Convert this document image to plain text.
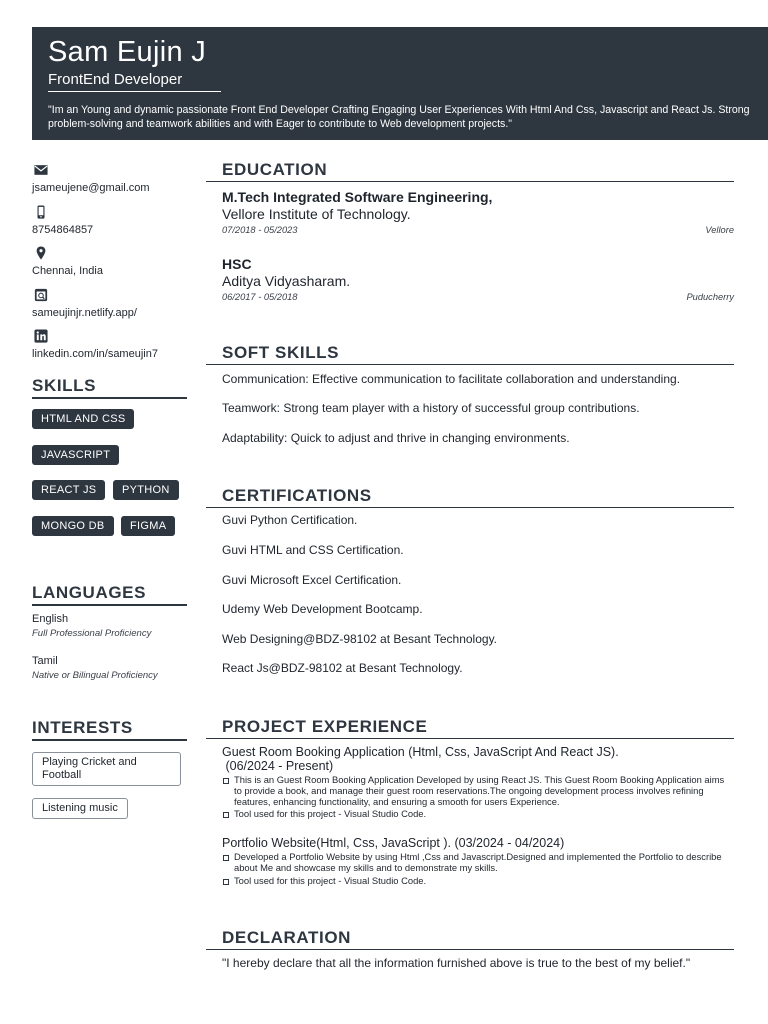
Sam Eujin J
FrontEnd Developer
"Im an Young and dynamic passionate Front End Developer Crafting Engaging User Experiences With Html And Css, Javascript and React Js. Strong problem-solving and teamwork abilities and with Eager to contribute to Web development projects."
jsameujene@gmail.com
8754864857
Chennai, India
sameujinjr.netlify.app/
linkedin.com/in/sameujin7
SKILLS
HTML AND CSS
JAVASCRIPT
REACT JS	PYTHON
MONGO DB	FIGMA
LANGUAGES
English
Full Professional Proficiency
Tamil
Native or Bilingual Proficiency
INTERESTS
Playing Cricket and Football
Listening music
EDUCATION
M.Tech Integrated Software Engineering,
Vellore Institute of Technology.
07/2018 - 05/2023	Vellore
HSC
Aditya Vidyasharam.
06/2017 - 05/2018	Puducherry
SOFT SKILLS
Communication: Effective communication to facilitate collaboration and understanding.
Teamwork: Strong team player with a history of successful group contributions.
Adaptability: Quick to adjust and thrive in changing environments.
CERTIFICATIONS
Guvi Python Certification.
Guvi HTML and CSS Certification.
Guvi Microsoft Excel Certification.
Udemy Web Development Bootcamp.
Web Designing@BDZ-98102 at Besant Technology.
React Js@BDZ-98102 at Besant Technology.
PROJECT EXPERIENCE
Guest Room Booking Application (Html, Css, JavaScript And React JS).
(06/2024 - Present)
This is an Guest Room Booking Application Developed by using React JS. This Guest Room Booking Application aims to provide a book, and manage their guest room reservations.The ongoing development process involves refining features, enhancing functionality, and ensuring a smooth for users Experience.
Tool used for this project - Visual Studio Code.
Portfolio Website(Html, Css, JavaScript ). (03/2024 - 04/2024)
Developed a Portfolio Website by using Html ,Css and Javascript.Designed and implemented the Portfolio to describe about Me and showcase my skills and to demonstrate my skills.
Tool used for this project - Visual Studio Code.
DECLARATION
"I hereby declare that all the information furnished above is true to the best of my belief."
